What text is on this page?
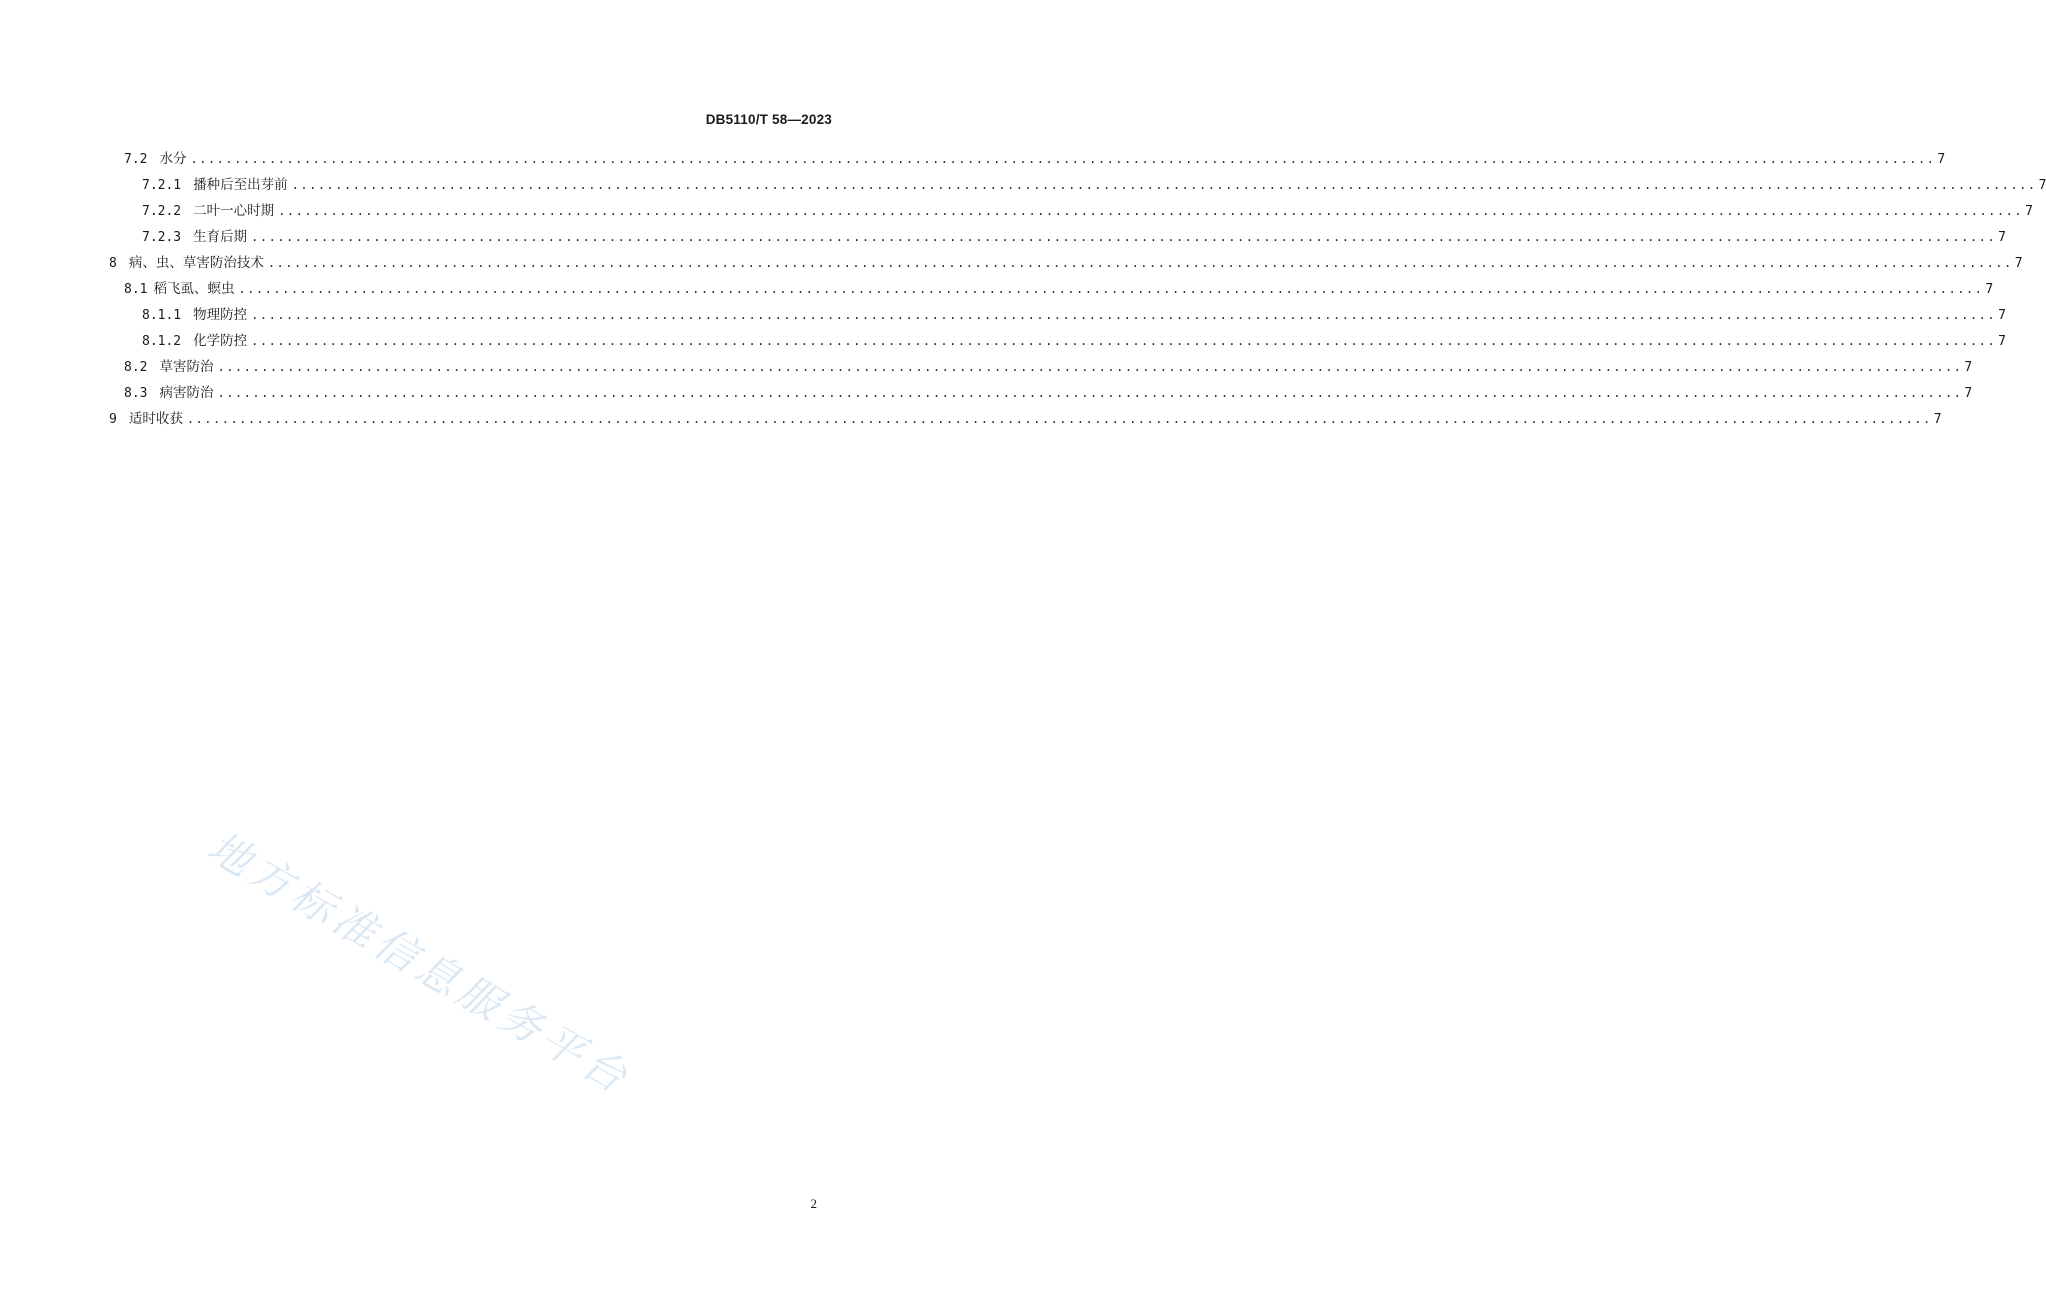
DB5110/T 58—2023
7.2 水分 ........................................................................................................................................................................................................ 7
7.2.1 播种后至出芽前 ........................................................................................................................................................................................................ 7
7.2.2 二叶一心时期 ........................................................................................................................................................................................................ 7
7.2.3 生育后期 ........................................................................................................................................................................................................ 7
8 病、虫、草害防治技术 ........................................................................................................................................................................................................ 7
8.1 稻飞虱、螟虫 ........................................................................................................................................................................................................ 7
8.1.1 物理防控 ........................................................................................................................................................................................................ 7
8.1.2 化学防控 ........................................................................................................................................................................................................ 7
8.2 草害防治 ........................................................................................................................................................................................................ 7
8.3 病害防治 ........................................................................................................................................................................................................ 7
9 适时收获 ........................................................................................................................................................................................................ 7
地方标准信息服务平台
2
